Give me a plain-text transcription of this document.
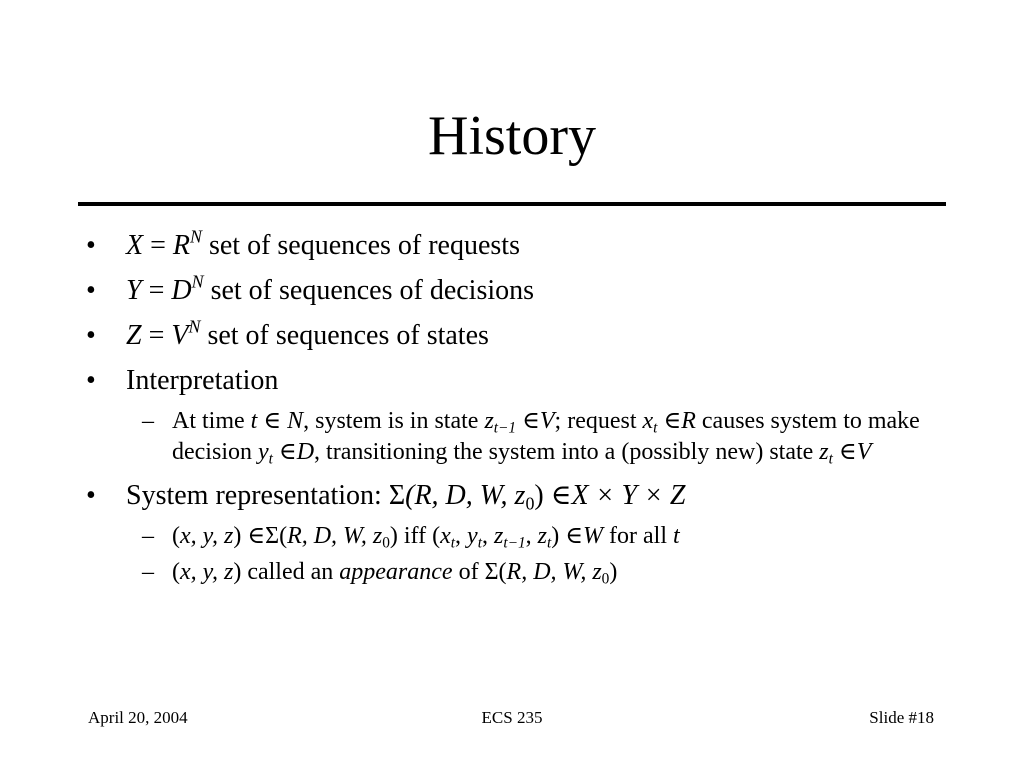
History
• $X = R^N$ set of sequences of requests
• $Y = D^N$ set of sequences of decisions
• $Z = V^N$ set of sequences of states
• Interpretation
– At time t ∈ N, system is in state $z_{t-1}$ ∈V; request $x_t$ ∈R causes system to make decision $y_t$ ∈D, transitioning the system into a (possibly new) state $z_t$ ∈V
• System representation: Σ(R, D, W, $z_0$) ∈X × Y × Z
– (x, y, z) ∈Σ(R, D, W, $z_0$) iff ($x_t$, $y_t$, $z_{t-1}$, $z_t$) ∈W for all t
– (x, y, z) called an appearance of Σ(R, D, W, $z_0$)
April 20, 2004	ECS 235	Slide #18
